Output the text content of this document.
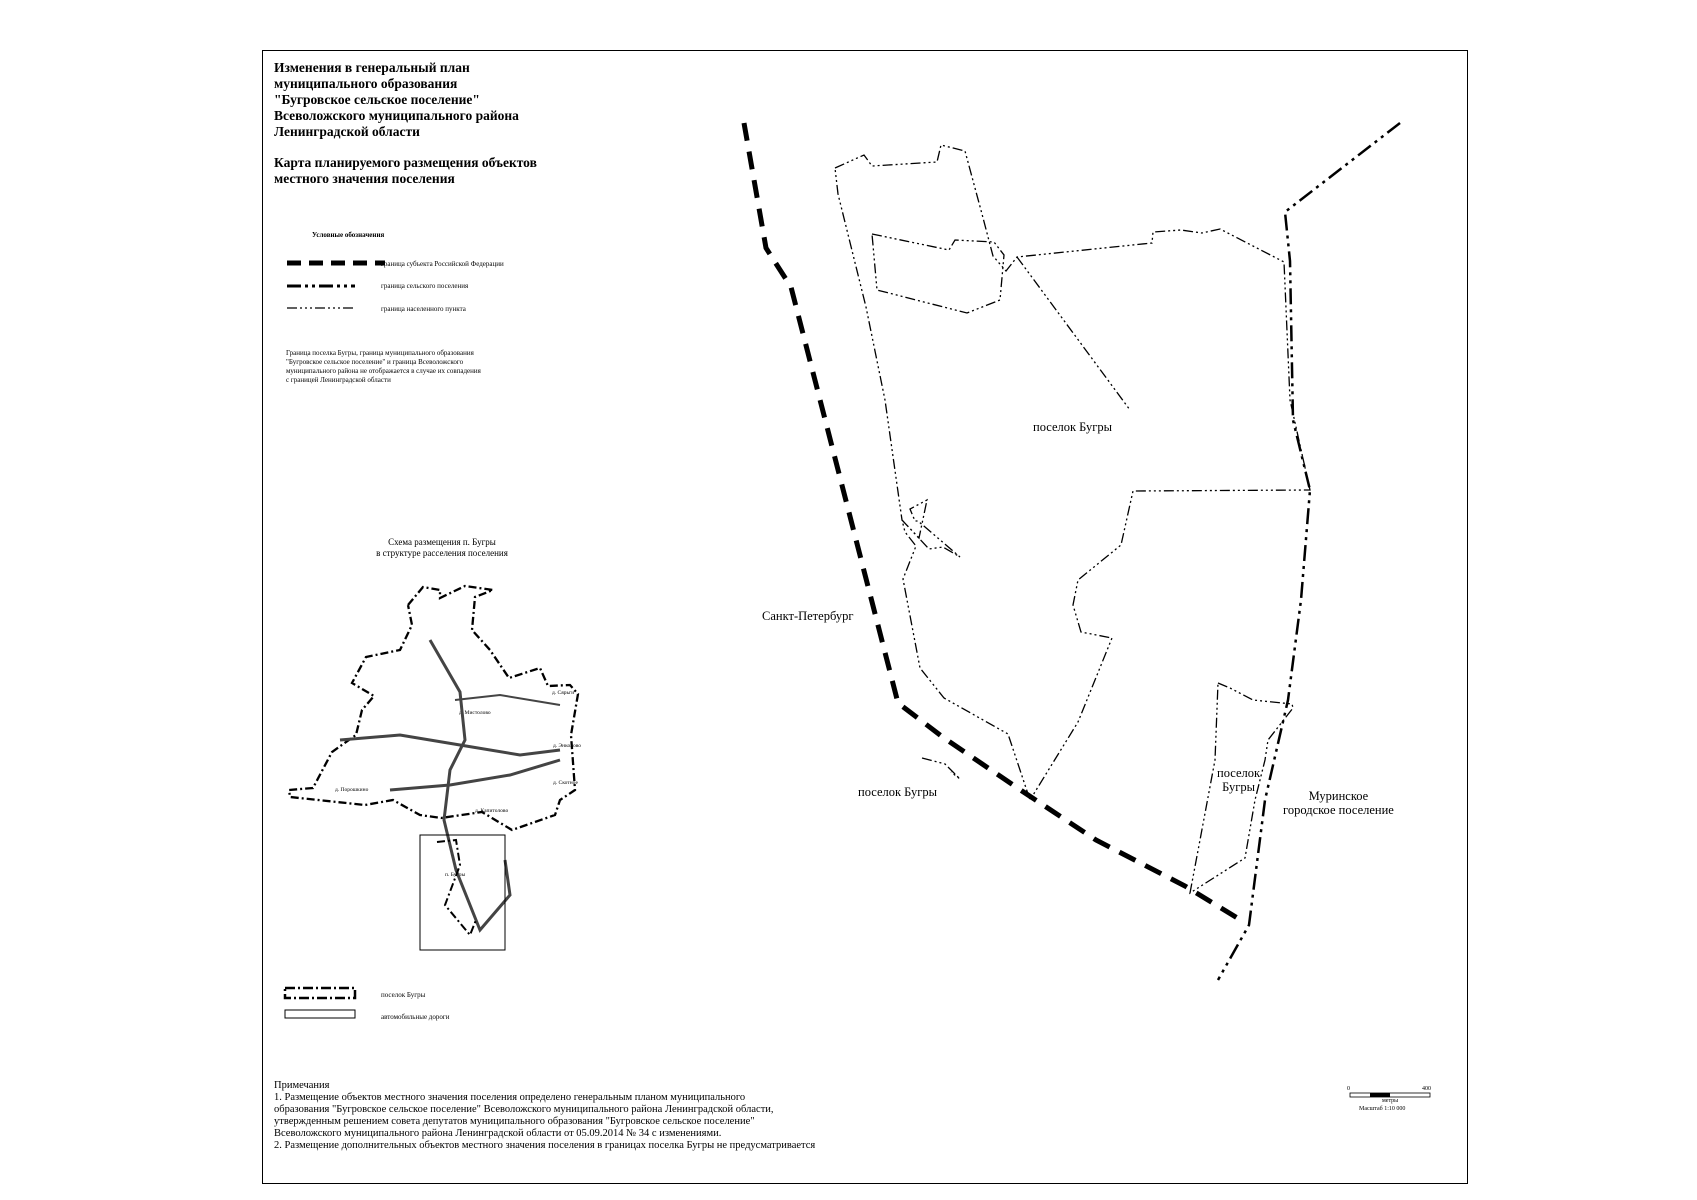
Изменения в генеральный план
муниципального образования
"Бугровское сельское поселение"
Всеволожского муниципального района
Ленинградской области
Карта планируемого размещения объектов
местного значения поселения
Условные обозначения
граница субъекта Российской Федерации
граница сельского поселения
граница населенного пункта
Граница поселка Бугры, граница муниципального образования
"Бугровское сельское поселение" и граница Всеволожского
муниципального района не отображается в случае их совпадения
с границей Ленинградской области
Схема размещения п. Бугры
в структуре расселения поселения
д. Сярьги
д. Мистолово
д. Энколово
д. Порошкино
д. Капитолово
д. Скотное
п. Бугры
поселок Бугры
автомобильные дороги
Санкт-Петербург
поселок Бугры
поселок Бугры
поселок
Бугры
Муринское
городское поселение

Примечания

1. Размещение объектов местного значения поселения определено генеральным планом муниципального

образования "Бугровское сельское поселение" Всеволожского муниципального района Ленинградской области,

утвержденным решением совета депутатов муниципального образования "Бугровское сельское поселение"

Всеволожского муниципального района Ленинградской области от 05.09.2014 № 34 с изменениями.

2. Размещение дополнительных объектов местного значения поселения в границах поселка Бугры не предусматривается

0	400
метры
Масштаб 1:10 000
